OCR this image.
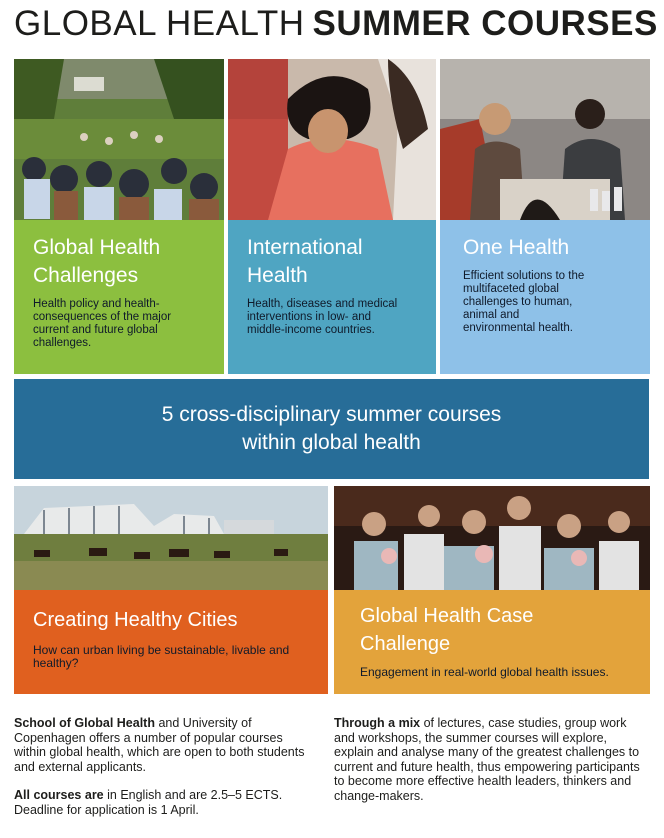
GLOBAL HEALTH SUMMER COURSES
Global Health Challenges
Health policy and health-consequences of the major current and future global challenges.
International Health
Health, diseases and medical interventions in low- and middle-income countries.
One Health
Efficient solutions to the multifaceted global challenges to human, animal and environmental health.
5 cross-disciplinary summer courses
within global health
Creating Healthy Cities
How can urban living be sustainable, livable and healthy?
Global Health Case Challenge
Engagement in real-world global health issues.

School of Global Health and University of Copenhagen offers a number of popular courses within global health, which are open to both students and external applicants.

All courses are in English and are 2.5–5 ECTS. Deadline for application is 1 April.

Through a mix of lectures, case studies, group work and workshops, the summer courses will explore, explain and analyse many of the greatest challenges to current and future health, thus empowering participants to become more effective health leaders, thinkers and change-makers.
